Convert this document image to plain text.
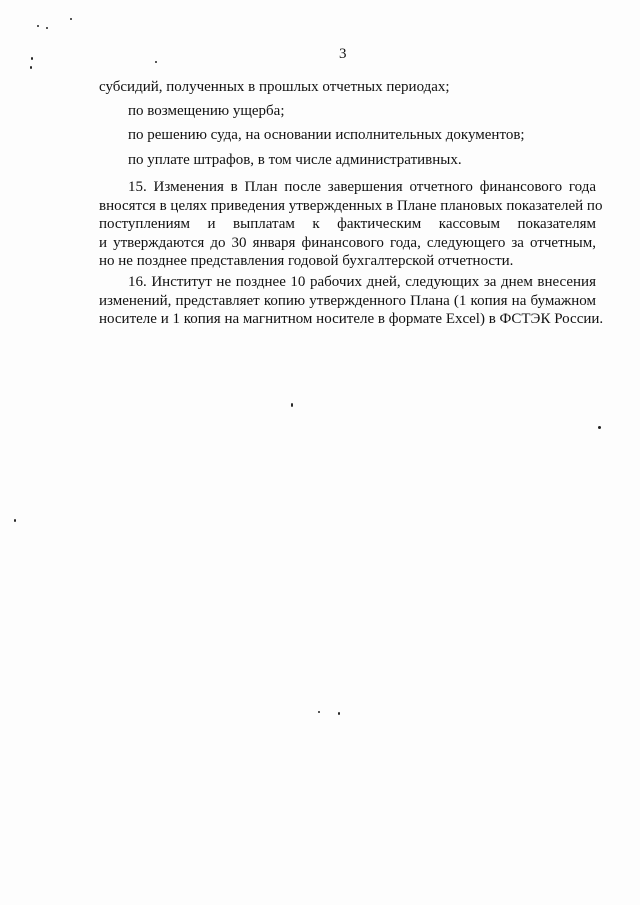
3
субсидий, полученных в прошлых отчетных периодах;
по возмещению ущерба;
по решению суда, на основании исполнительных документов;
по уплате штрафов, в том числе административных.
15. Изменения в План после завершения отчетного финансового года
вносятся в целях приведения утвержденных в Плане плановых показателей по
поступлениям и выплатам к фактическим кассовым показателям
и утверждаются до 30 января финансового года, следующего за отчетным,
но не позднее представления годовой бухгалтерской отчетности.
16. Институт не позднее 10 рабочих дней, следующих за днем внесения
изменений, представляет копию утвержденного Плана (1 копия на бумажном
носителе и 1 копия на магнитном носителе в формате Excel) в ФСТЭК России.
